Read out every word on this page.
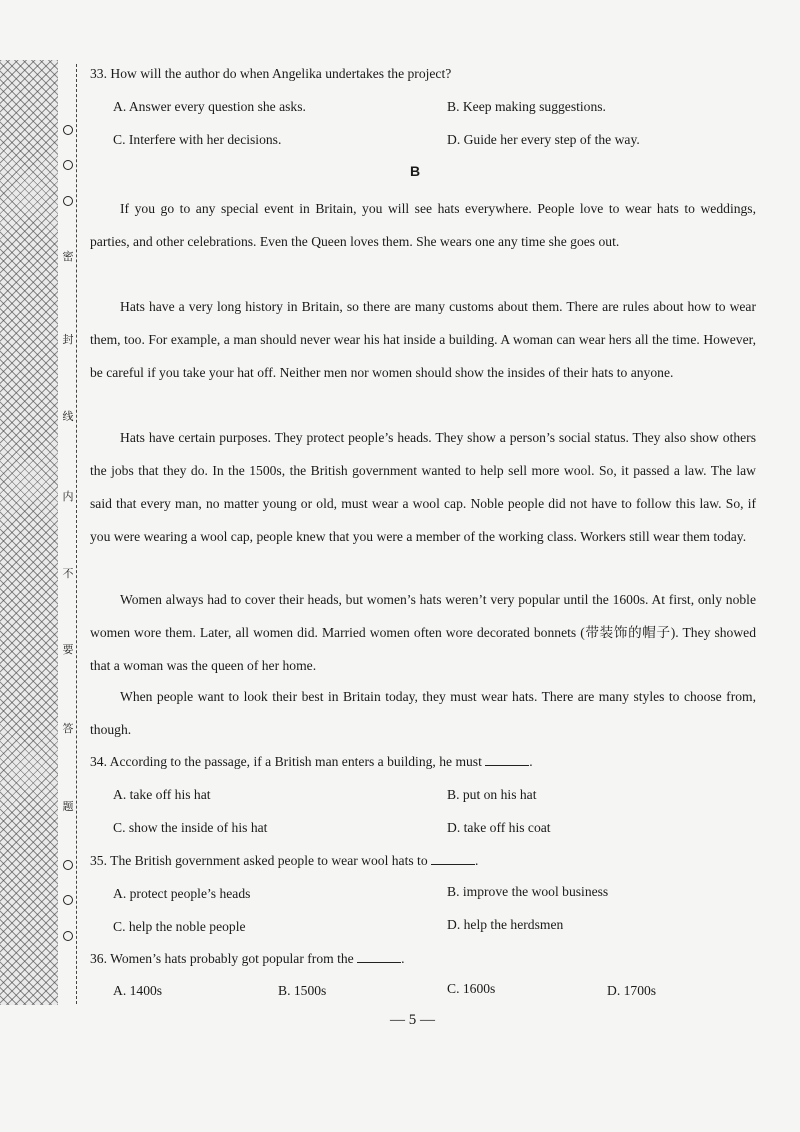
密
封
线
内
不
要
答
题
33. How will the author do when Angelika undertakes the project?
A. Answer every question she asks.	B. Keep making suggestions.
C. Interfere with her decisions.	D. Guide her every step of the way.
B
If you go to any special event in Britain, you will see hats everywhere. People love to wear hats to weddings, parties, and other celebrations. Even the Queen loves them. She wears one any time she goes out.
Hats have a very long history in Britain, so there are many customs about them. There are rules about how to wear them, too. For example, a man should never wear his hat inside a building. A woman can wear hers all the time. However, be careful if you take your hat off. Neither men nor women should show the insides of their hats to anyone.
Hats have certain purposes. They protect people’s heads. They show a person’s social status. They also show others the jobs that they do. In the 1500s, the British government wanted to help sell more wool. So, it passed a law. The law said that every man, no matter young or old, must wear a wool cap. Noble people did not have to follow this law. So, if you were wearing a wool cap, people knew that you were a member of the working class. Workers still wear them today.
Women always had to cover their heads, but women’s hats weren’t very popular until the 1600s. At first, only noble women wore them. Later, all women did. Married women often wore decorated bonnets (带装饰的帽子). They showed that a woman was the queen of her home.
When people want to look their best in Britain today, they must wear hats. There are many styles to choose from, though.
34. According to the passage, if a British man enters a building, he must	.
A. take off his hat	B. put on his hat
C. show the inside of his hat	D. take off his coat
35. The British government asked people to wear wool hats to	.
A. protect people’s heads	B. improve the wool business
C. help the noble people	D. help the herdsmen
36. Women’s hats probably got popular from the	.
A. 1400s	B. 1500s	C. 1600s	D. 1700s
— 5 —
